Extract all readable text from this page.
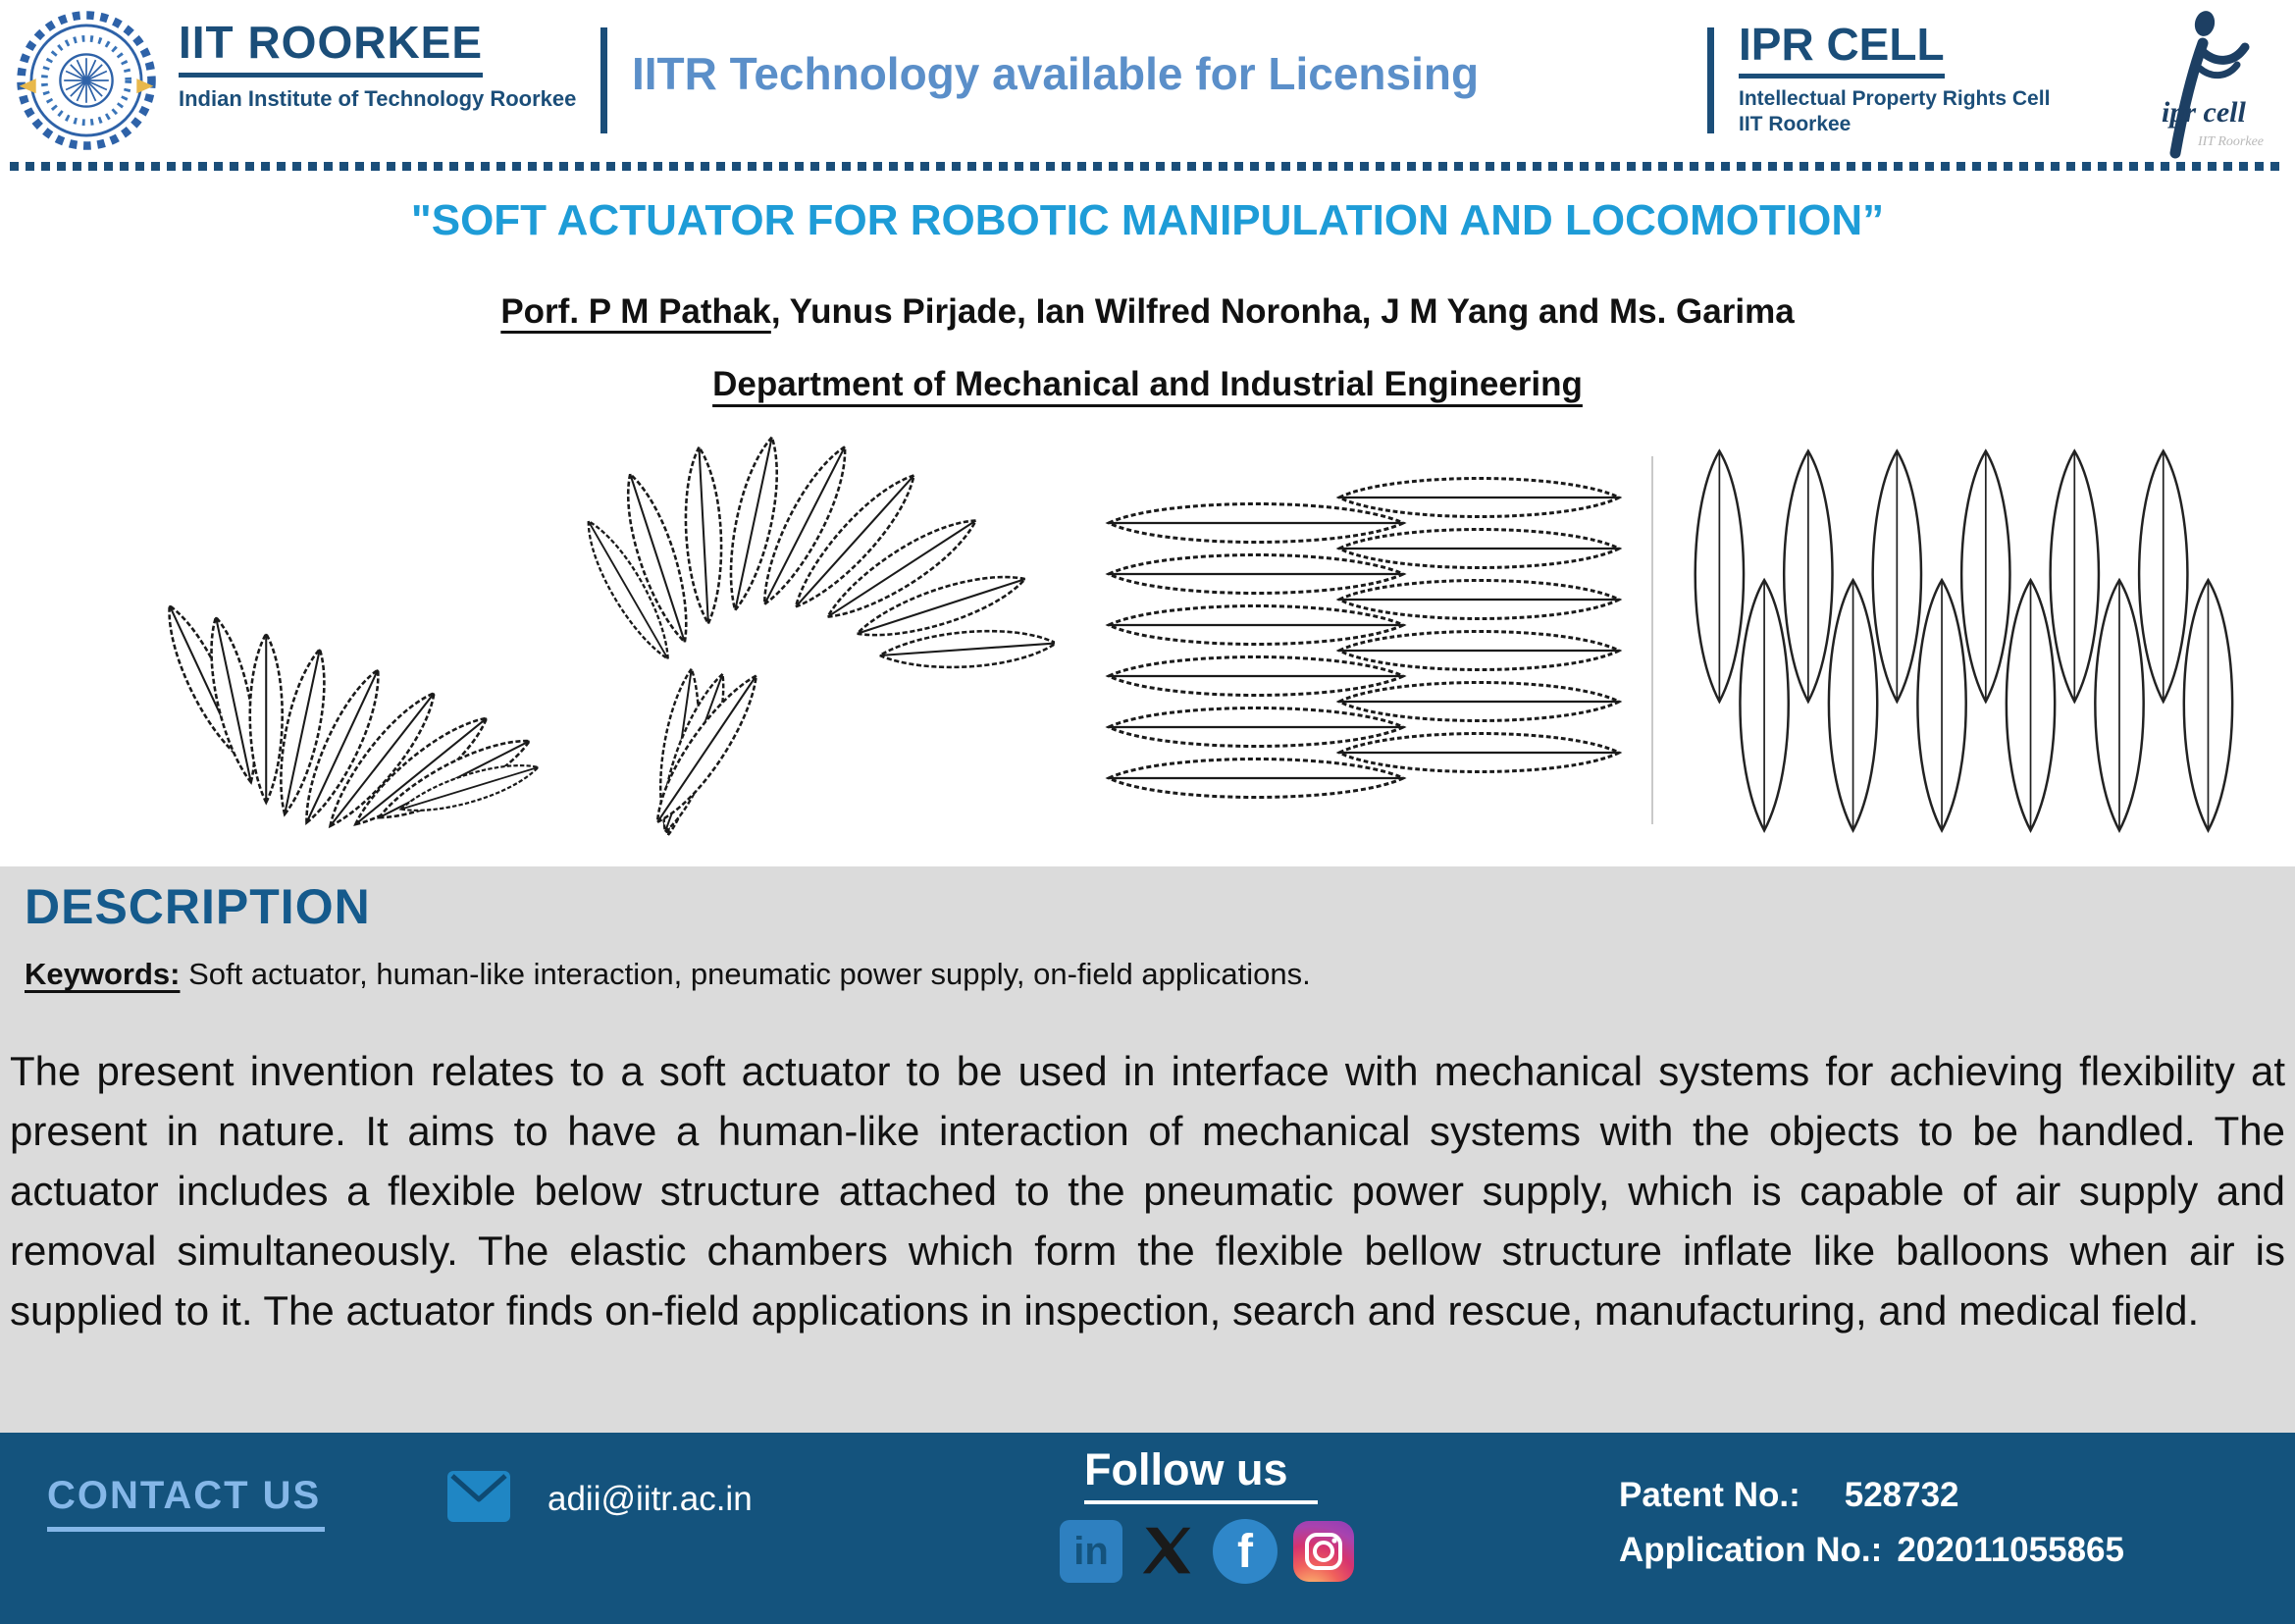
IIT ROORKEE
Indian Institute of Technology Roorkee IITR Technology available for Licensing
IPR CELL
Intellectual Property Rights Cell
IIT Roorkee	ipr cell
IIT Roorkee
"SOFT ACTUATOR FOR ROBOTIC MANIPULATION AND LOCOMOTION”
Porf. P M Pathak, Yunus Pirjade, Ian Wilfred Noronha, J M Yang and Ms. Garima
Department of Mechanical and Industrial Engineering
DESCRIPTION
Keywords: Soft actuator, human-like interaction, pneumatic power supply, on-field applications.
The present invention relates to a soft actuator to be used in interface with mechanical systems for achieving flexibility at present in nature. It aims to have a human-like interaction of mechanical systems with the objects to be handled. The actuator includes a flexible below structure attached to the pneumatic power supply, which is capable of air supply and removal simultaneously. The elastic chambers which form the flexible bellow structure inflate like balloons when air is supplied to it. The actuator finds on-field applications in inspection, search and rescue, manufacturing, and medical field.
CONTACT US	adii@iitr.ac.in
Follow us
in	f
Patent No.: 528732
Application No.: 202011055865
